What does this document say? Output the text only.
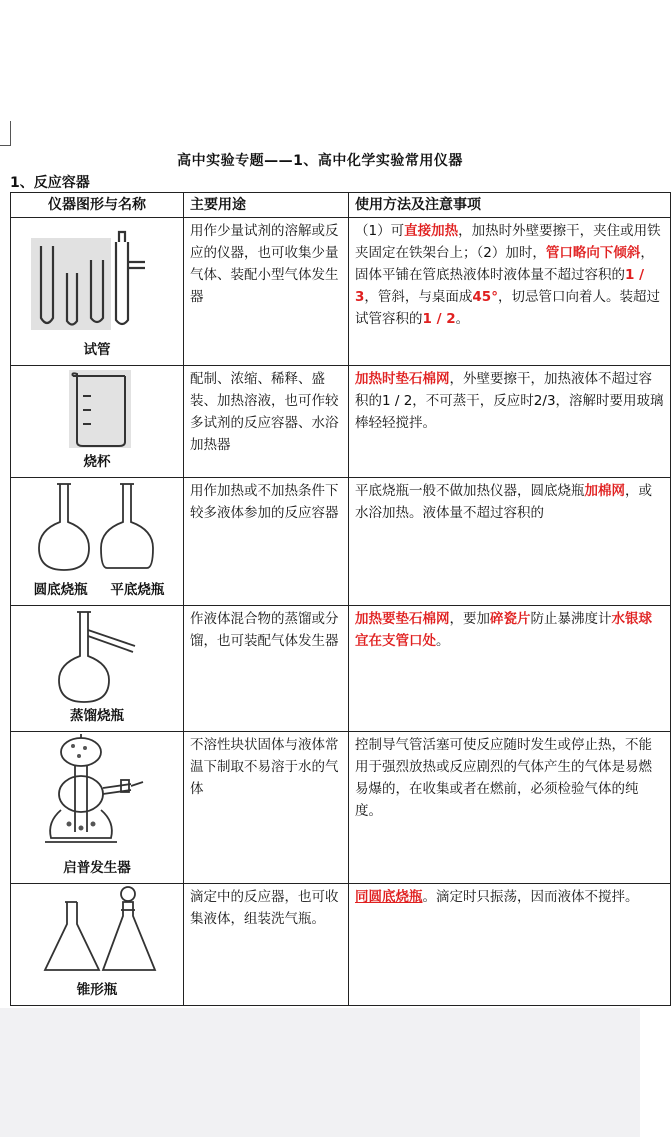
高中实验专题——1、高中化学实验常用仪器
1、反应容器
仪器图形与名称	主要用途	使用方法及注意事项

试管	用作少量试剂的溶解或反应的仪器，也可收集少量气体、装配小型气体发生器	（1）可直接加热，加热时外壁要擦干，夹住或用铁夹固定在铁架台上；（2）加时，管口略向下倾斜，固体平铺在管底热液体时液体量不超过容积的1 / 3，管斜，与桌面成45°，切忌管口向着人。装超过试管容积的1 / 2。

烧杯	配制、浓缩、稀释、盛装、加热溶液，也可作较多试剂的反应容器、水浴加热器	加热时垫石棉网，外壁要擦干，加热液体不超过容积的1 / 2，不可蒸干，反应时2/3，溶解时要用玻璃棒轻轻搅拌。

圆底烧瓶 平底烧瓶	用作加热或不加热条件下较多液体参加的反应容器	平底烧瓶一般不做加热仪器，圆底烧瓶加棉网，或水浴加热。液体量不超过容积的

蒸馏烧瓶	作液体混合物的蒸馏或分馏，也可装配气体发生器	加热要垫石棉网，要加碎瓷片防止暴沸度计水银球宜在支管口处。

启普发生器	不溶性块状固体与液体常温下制取不易溶于水的气体	控制导气管活塞可使反应随时发生或停止热，不能用于强烈放热或反应剧烈的气体产生的气体是易燃易爆的，在收集或者在燃前，必须检验气体的纯度。

锥形瓶	滴定中的反应器，也可收集液体，组装洗气瓶。	同圆底烧瓶。滴定时只振荡，因而液体不搅拌。
